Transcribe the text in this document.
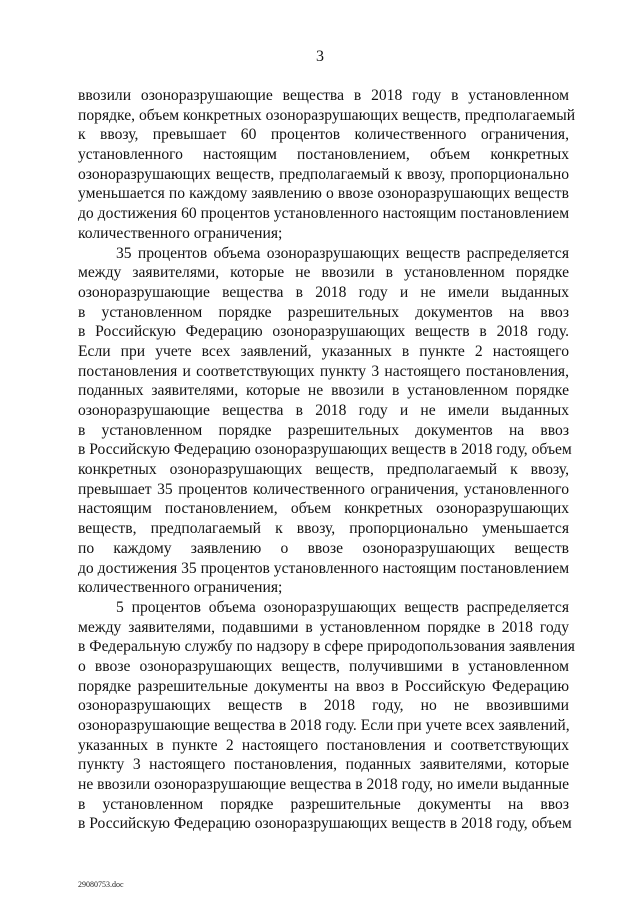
3
ввозили озоноразрушающие вещества в 2018 году в установленном
порядке, объем конкретных озоноразрушающих веществ, предполагаемый
к ввозу, превышает 60 процентов количественного ограничения,
установленного настоящим постановлением, объем конкретных
озоноразрушающих веществ, предполагаемый к ввозу, пропорционально
уменьшается по каждому заявлению о ввозе озоноразрушающих веществ
до достижения 60 процентов установленного настоящим постановлением
количественного ограничения;
35 процентов объема озоноразрушающих веществ распределяется
между заявителями, которые не ввозили в установленном порядке
озоноразрушающие вещества в 2018 году и не имели выданных
в установленном порядке разрешительных документов на ввоз
в Российскую Федерацию озоноразрушающих веществ в 2018 году.
Если при учете всех заявлений, указанных в пункте 2 настоящего
постановления и соответствующих пункту 3 настоящего постановления,
поданных заявителями, которые не ввозили в установленном порядке
озоноразрушающие вещества в 2018 году и не имели выданных
в установленном порядке разрешительных документов на ввоз
в Российскую Федерацию озоноразрушающих веществ в 2018 году, объем
конкретных озоноразрушающих веществ, предполагаемый к ввозу,
превышает 35 процентов количественного ограничения, установленного
настоящим постановлением, объем конкретных озоноразрушающих
веществ, предполагаемый к ввозу, пропорционально уменьшается
по каждому заявлению о ввозе озоноразрушающих веществ
до достижения 35 процентов установленного настоящим постановлением
количественного ограничения;
5 процентов объема озоноразрушающих веществ распределяется
между заявителями, подавшими в установленном порядке в 2018 году
в Федеральную службу по надзору в сфере природопользования заявления
о ввозе озоноразрушающих веществ, получившими в установленном
порядке разрешительные документы на ввоз в Российскую Федерацию
озоноразрушающих веществ в 2018 году, но не ввозившими
озоноразрушающие вещества в 2018 году. Если при учете всех заявлений,
указанных в пункте 2 настоящего постановления и соответствующих
пункту 3 настоящего постановления, поданных заявителями, которые
не ввозили озоноразрушающие вещества в 2018 году, но имели выданные
в установленном порядке разрешительные документы на ввоз
в Российскую Федерацию озоноразрушающих веществ в 2018 году, объем
29080753.doc
